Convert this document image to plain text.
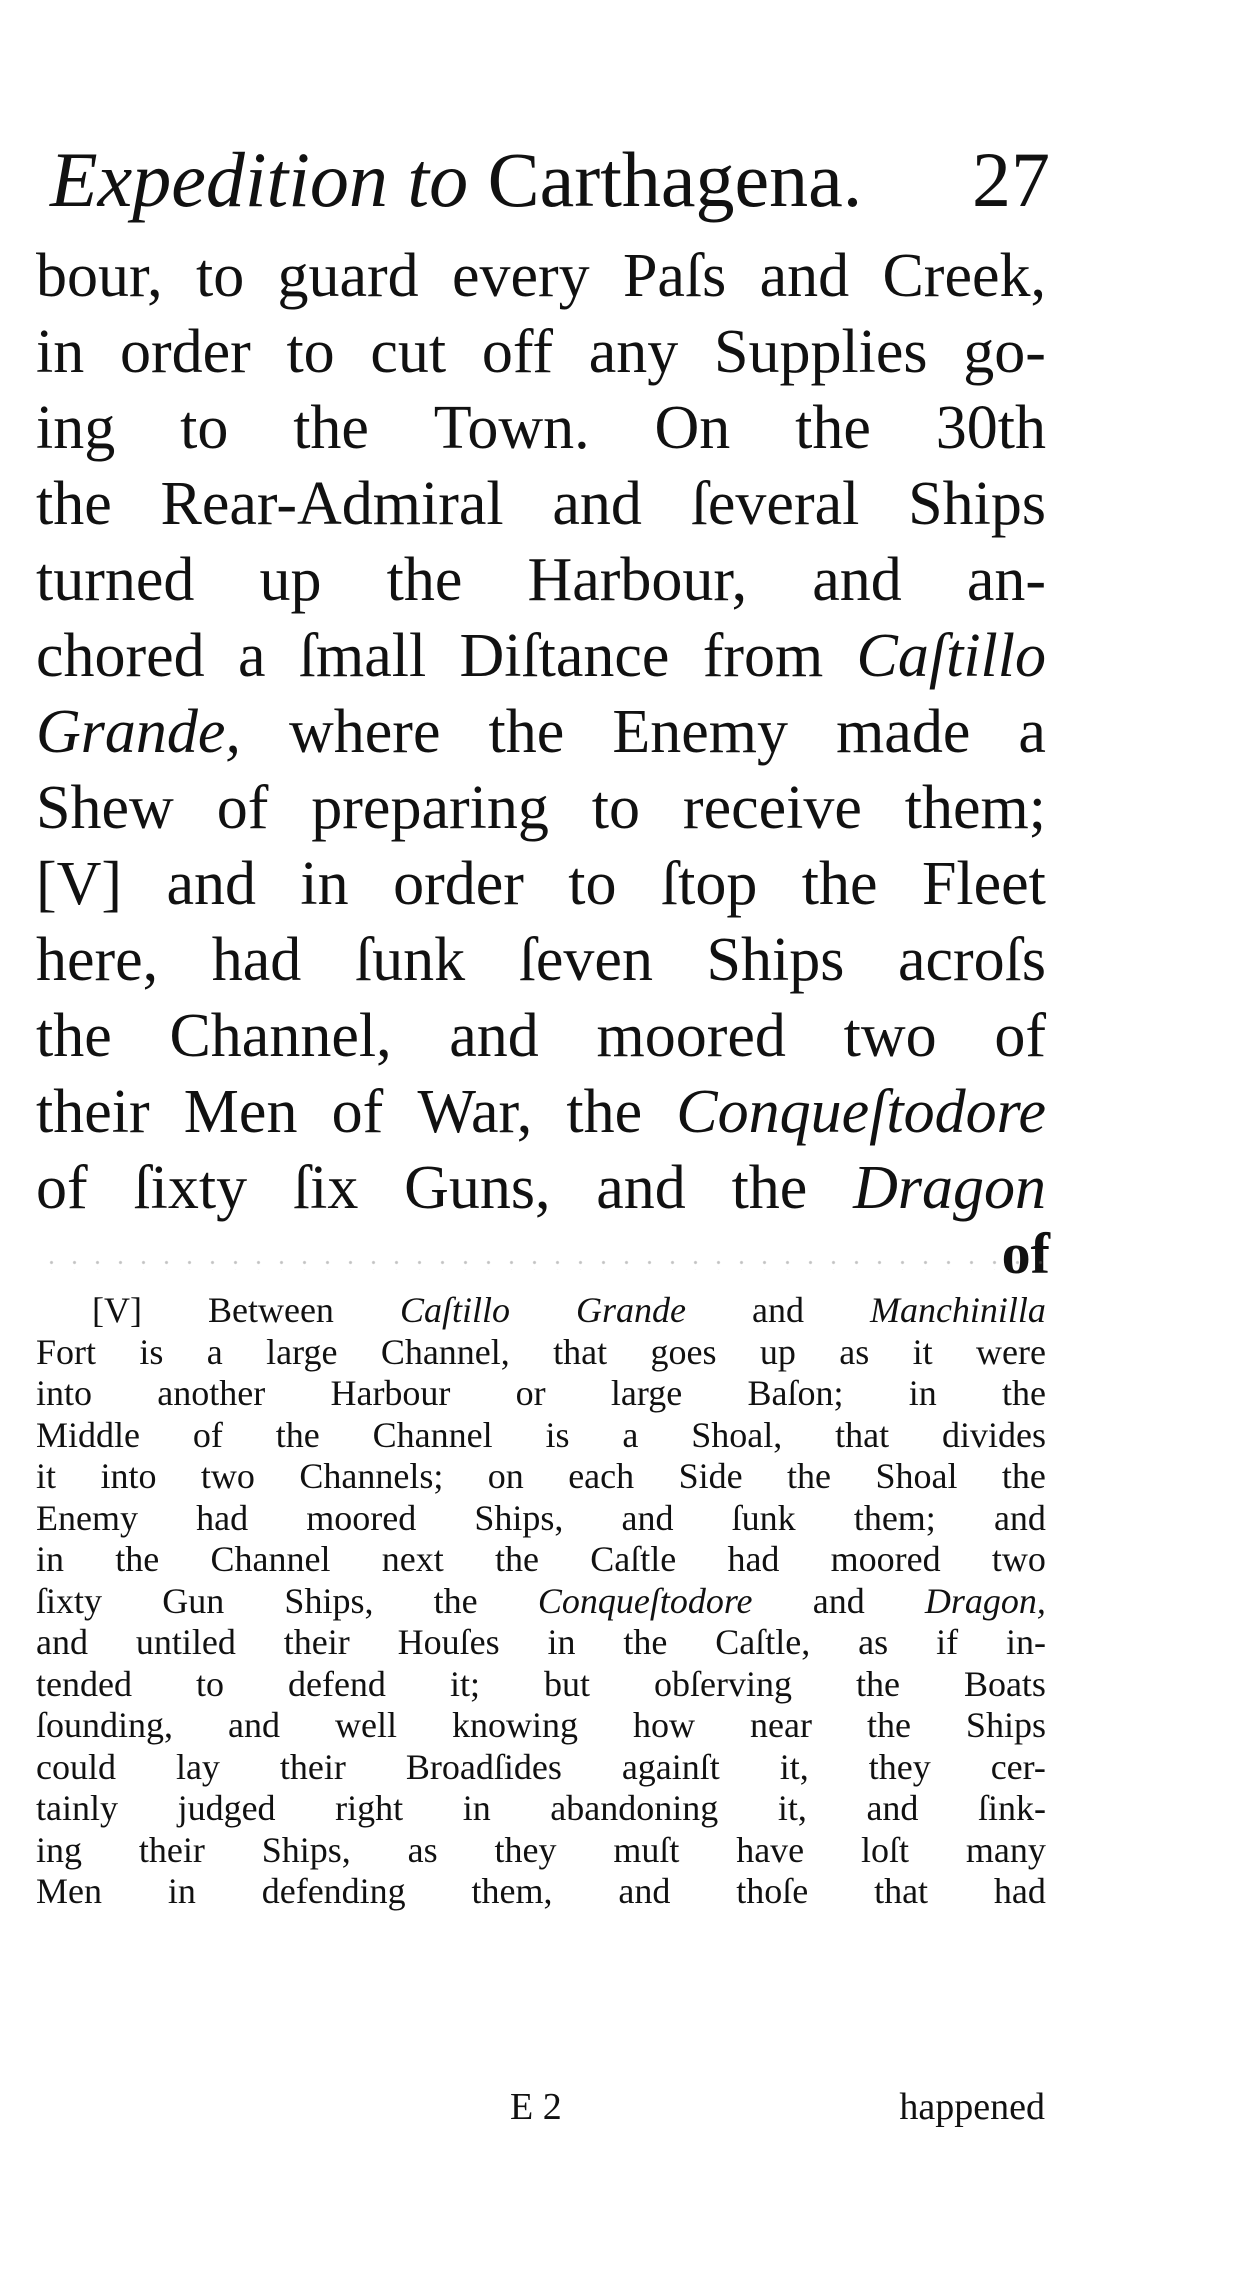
Expedition to Carthagena. 27
bour, to guard every Paſs and Creek,
in order to cut off any Supplies go-
ing to the Town. On the 30th
the Rear-Admiral and ſeveral Ships
turned up the Harbour, and an-
chored a ſmall Diſtance from Caſtillo
Grande, where the Enemy made a
Shew of preparing to receive them;
[V] and in order to ſtop the Fleet
here, had ſunk ſeven Ships acroſs
the Channel, and moored two of
their Men of War, the Conqueſtodore
of ſixty ſix Guns, and the Dragon
of
[V] Between Caſtillo Grande and Manchinilla
Fort is a large Channel, that goes up as it were
into another Harbour or large Baſon; in the
Middle of the Channel is a Shoal, that divides
it into two Channels; on each Side the Shoal the
Enemy had moored Ships, and ſunk them; and
in the Channel next the Caſtle had moored two
ſixty Gun Ships, the Conqueſtodore and Dragon,
and untiled their Houſes in the Caſtle, as if in-
tended to defend it; but obſerving the Boats
ſounding, and well knowing how near the Ships
could lay their Broadſides againſt it, they cer-
tainly judged right in abandoning it, and ſink-
ing their Ships, as they muſt have loſt many
Men in defending them, and thoſe that had
E 2	happened
